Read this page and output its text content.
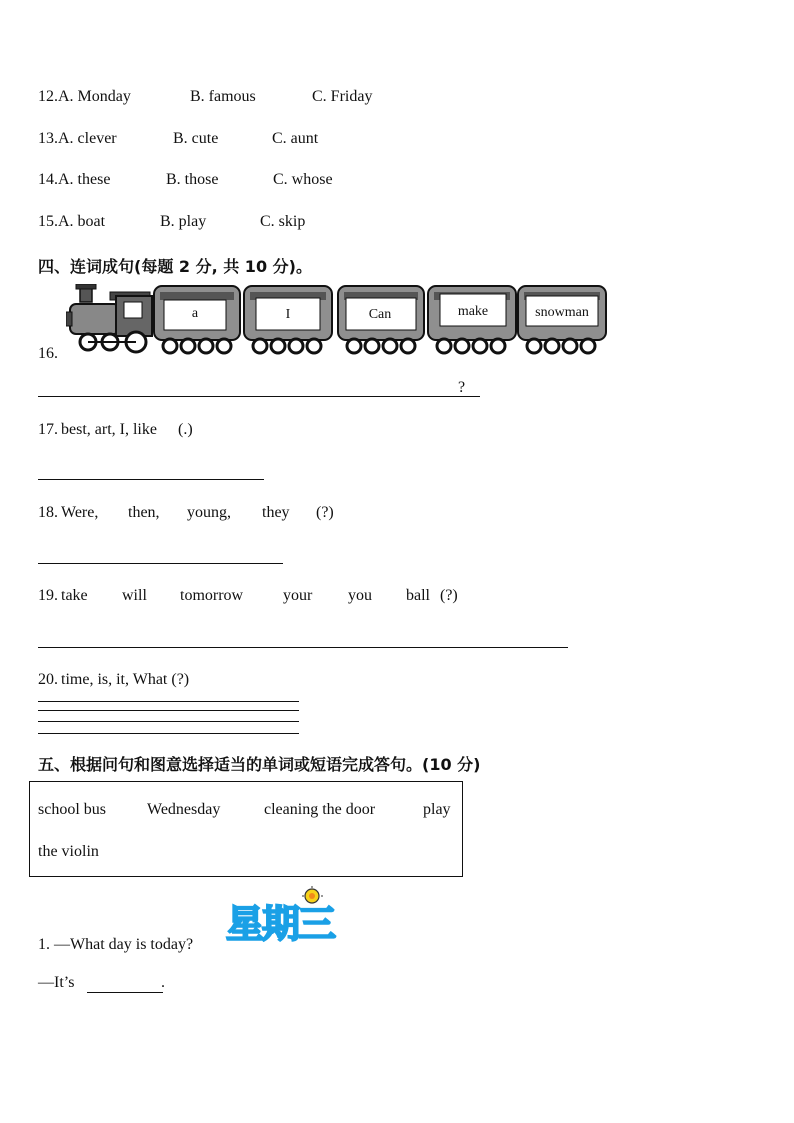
12.A. Monday	B. famous	C. Friday
13.A. clever	B. cute	C. aunt
14.A. these	B. those	C. whose
15.A. boat	B. play	C. skip
四、连词成句(每题 2 分, 共 10 分)。
16.
a	I	Can	make	snowman
?
17. best, art, I, like (.)
18. Were, then, young, they (?)
19. take will tomorrow your you ball (?)
20. time, is, it, What (?)
五、根据问句和图意选择适当的单词或短语完成答句。(10 分)
school bus	Wednesday	cleaning the door	play
the violin
1. —What day is today? 星期三
—It’s	.
